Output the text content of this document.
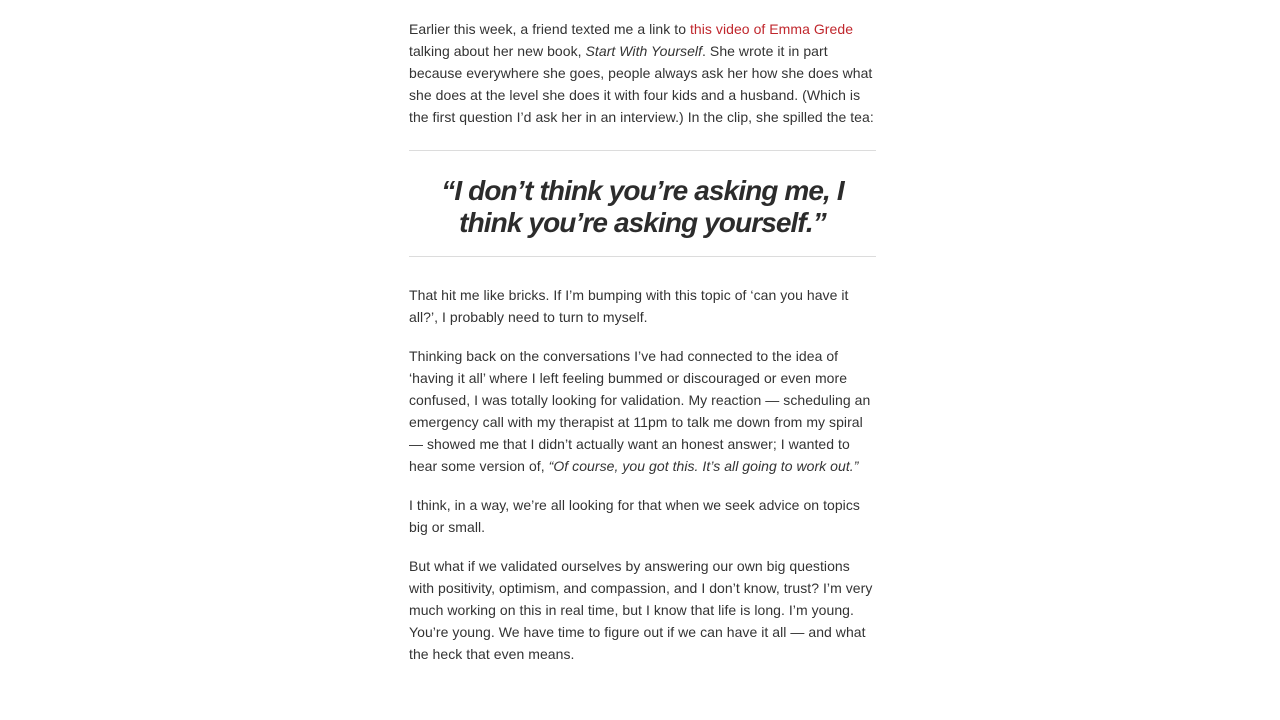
Earlier this week, a friend texted me a link to this video of Emma Grede talking about her new book, Start With Yourself. She wrote it in part because everywhere she goes, people always ask her how she does what she does at the level she does it with four kids and a husband. (Which is the first question I’d ask her in an interview.) In the clip, she spilled the tea:

“I don’t think you’re asking me, I think you’re asking yourself.”

That hit me like bricks. If I’m bumping with this topic of ‘can you have it all?’, I probably need to turn to myself.

Thinking back on the conversations I’ve had connected to the idea of ‘having it all’ where I left feeling bummed or discouraged or even more confused, I was totally looking for validation. My reaction — scheduling an emergency call with my therapist at 11pm to talk me down from my spiral — showed me that I didn’t actually want an honest answer; I wanted to hear some version of, “Of course, you got this. It’s all going to work out.”

I think, in a way, we’re all looking for that when we seek advice on topics big or small.

But what if we validated ourselves by answering our own big questions with positivity, optimism, and compassion, and I don’t know, trust? I’m very much working on this in real time, but I know that life is long. I’m young. You’re young. We have time to figure out if we can have it all — and what the heck that even means.
